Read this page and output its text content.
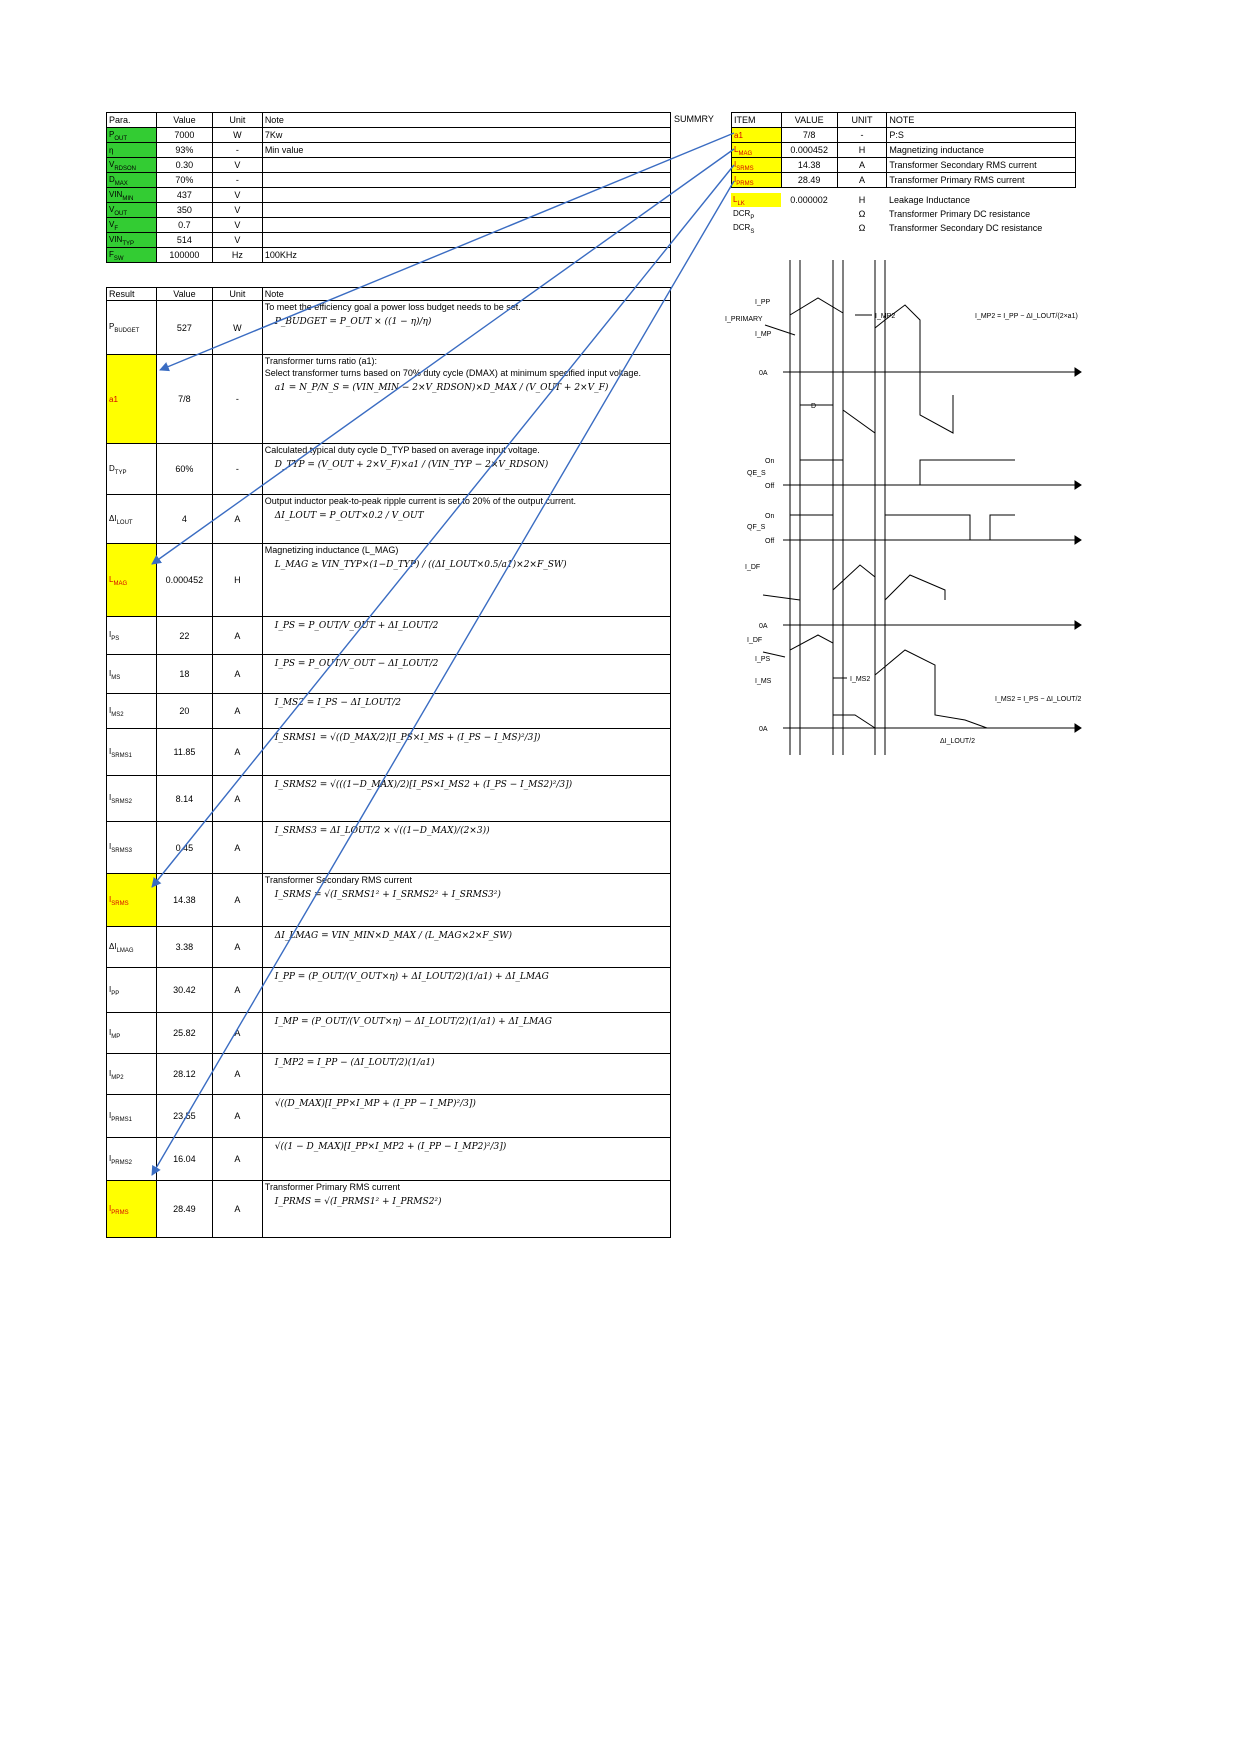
Para.	Value	Unit	Note
$P_{OUT}$	7000	W	7Kw
η	93%	-	Min value
$V_{RDSON}$	0.30	V	
$D_{MAX}$	70%	-	
$VIN_{MIN}$	437	V	
$V_{OUT}$	350	V	
$V_F$	0.7	V	
$VIN_{TYP}$	514	V	
$F_{SW}$	100000	Hz	100KHz
Result	Value	Unit	Note
$P_{BUDGET}$	527	W	To meet the efficiency goal a power loss budget needs to be set.
P_BUDGET = P_OUT × ((1 − η)/η)
a1	7/8	-	Transformer turns ratio (a1):
Select transformer turns based on 70% duty cycle (DMAX) at minimum specified input voltage.
a1 = N_P/N_S = (VIN_MIN − 2×V_RDSON)×D_MAX / (V_OUT + 2×V_F)
$D_{TYP}$	60%	-	Calculated typical duty cycle D_TYP based on average input voltage.
D_TYP = (V_OUT + 2×V_F)×a1 / (VIN_TYP − 2×V_RDSON)
$\Delta I_{LOUT}$	4	A	Output inductor peak-to-peak ripple current is set to 20% of the output current.
ΔI_LOUT = P_OUT×0.2 / V_OUT
$L_{MAG}$	0.000452	H	Magnetizing inductance (L_MAG)
L_MAG ≥ VIN_TYP×(1−D_TYP) / ((ΔI_LOUT×0.5/a1)×2×F_SW)
$I_{PS}$	22	A	I_PS = P_OUT/V_OUT + ΔI_LOUT/2
$I_{MS}$	18	A	I_PS = P_OUT/V_OUT − ΔI_LOUT/2
$I_{MS2}$	20	A	I_MS2 = I_PS − ΔI_LOUT/2
$I_{SRMS1}$	11.85	A	I_SRMS1 = √((D_MAX/2)[I_PS×I_MS + (I_PS − I_MS)²/3])
$I_{SRMS2}$	8.14	A	I_SRMS2 = √(((1−D_MAX)/2)[I_PS×I_MS2 + (I_PS − I_MS2)²/3])
$I_{SRMS3}$	0.45	A	I_SRMS3 = ΔI_LOUT/2 × √((1−D_MAX)/(2×3))
$I_{SRMS}$	14.38	A	Transformer Secondary RMS current
I_SRMS = √(I_SRMS1² + I_SRMS2² + I_SRMS3²)
$\Delta I_{LMAG}$	3.38	A	ΔI_LMAG = VIN_MIN×D_MAX / (L_MAG×2×F_SW)
$I_{PP}$	30.42	A	I_PP = (P_OUT/(V_OUT×η) + ΔI_LOUT/2)(1/a1) + ΔI_LMAG
$I_{MP}$	25.82	A	I_MP = (P_OUT/(V_OUT×η) − ΔI_LOUT/2)(1/a1) + ΔI_LMAG
$I_{MP2}$	28.12	A	I_MP2 = I_PP − (ΔI_LOUT/2)(1/a1)
$I_{PRMS1}$	23.55	A	√((D_MAX)[I_PP×I_MP + (I_PP − I_MP)²/3])
$I_{PRMS2}$	16.04	A	√((1 − D_MAX)[I_PP×I_MP2 + (I_PP − I_MP2)²/3])
$I_{PRMS}$	28.49	A	Transformer Primary RMS current
I_PRMS = √(I_PRMS1² + I_PRMS2²)
SUMMRY ITEM	VALUE	UNIT	NOTE
a1	7/8	-	P:S
$L_{MAG}$	0.000452	H	Magnetizing inductance
$I_{SRMS}$	14.38	A	Transformer Secondary RMS current
$I_{PRMS}$	28.49	A	Transformer Primary RMS current
$L_{LK}$	0.000002	H	Leakage Inductance
$DCR_P$		Ω	Transformer Primary DC resistance
$DCR_S$		Ω	Transformer Secondary DC resistance
I_PP
I_PRIMARY
I_MP
I_MP2	I_MP2 = I_PP − ΔI_LOUT/(2×a1)
0A
D
On
QE_S
Off
On
QF_S
Off
I_DF
0A
I_DF
I_PS
I_MS	I_MS2
I_MS2 = I_PS − ΔI_LOUT/2
0A
ΔI_LOUT/2
